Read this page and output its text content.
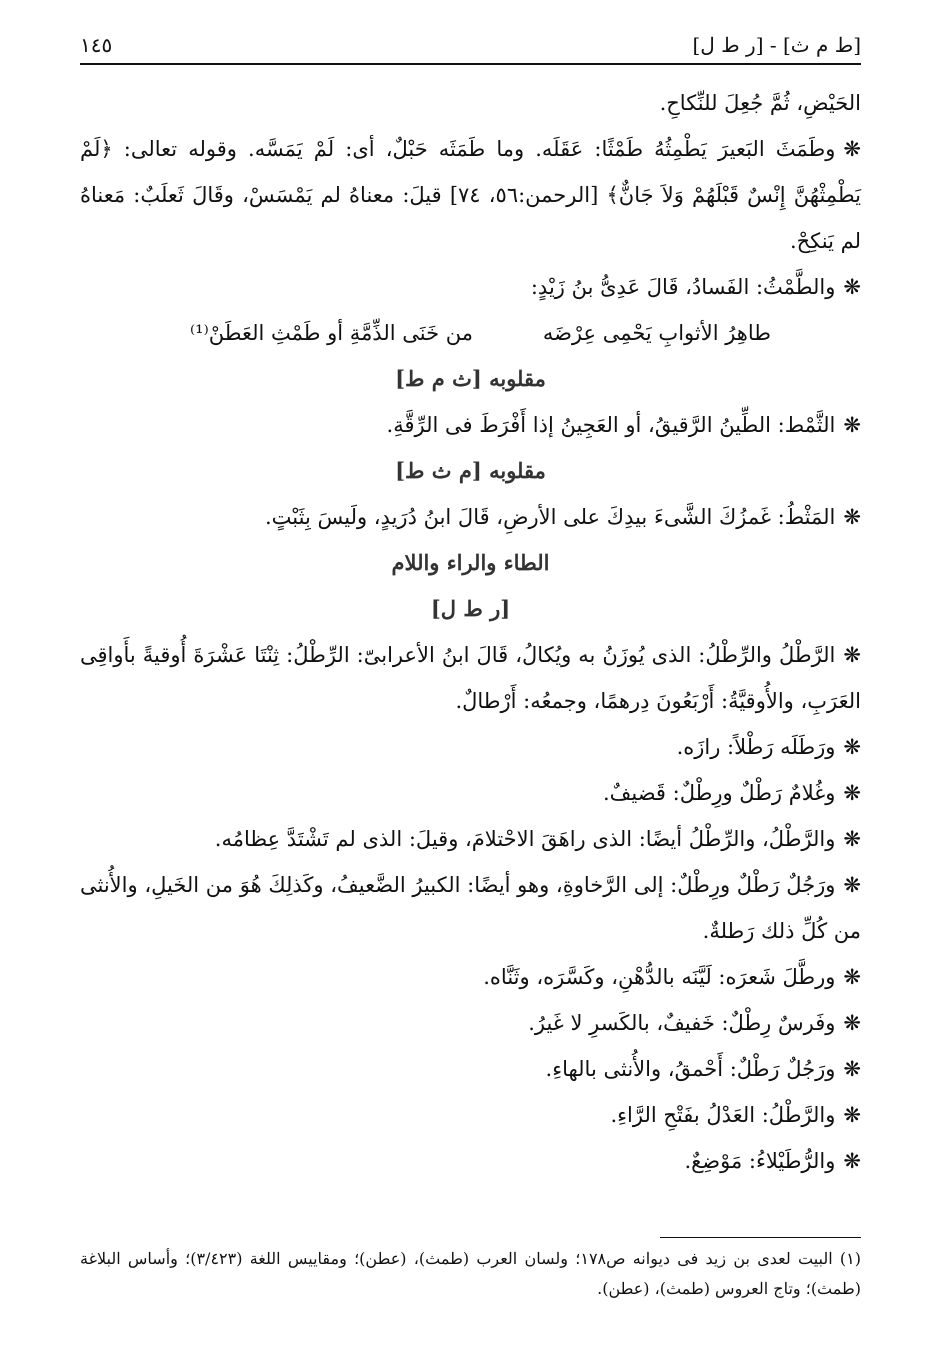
[ط م ث] - [ر ط ل]
١٤٥

الحَيْضِ، ثُمَّ جُعِلَ للنِّكاحِ.

❋وطَمَثَ البَعيرَ يَطْمِثُهُ طَمْثًا: عَقَلَه. وما طَمَثَه حَبْلٌ، أى: لَمْ يَمَسَّه. وقوله تعالى: ﴿لَمْ يَطْمِثْهُنَّ إِنْسٌ قَبْلَهُمْ وَلاَ جَانٌّ﴾ [الرحمن:٥٦، ٧٤] قيلَ: معناهُ لم يَمْسَسْ، وقَالَ ثَعلَبٌ: مَعناهُ لم يَنكِحْ.

❋والطَّمْثُ: الفَسادُ، قَالَ عَدِىُّ بنُ زَيْدٍ:

طاهِرُ الأثوابِ يَحْمِى عِرْضَه
من خَنَى الذِّمَّةِ أو طَمْثِ العَطَنْ⁽¹⁾

مقلوبه [ث م ط]

❋الثَّمْط: الطِّينُ الرَّقيقُ، أو العَجِينُ إذا أَفْرَطَ فى الرِّقَّةِ.

مقلوبه [م ث ط]

❋المَثْطُ: غَمزُكَ الشَّىءَ بيدِكَ على الأرضِ، قَالَ ابنُ دُرَيدٍ، ولَيسَ بِثَبْتٍ.

الطاء والراء واللام

[ر ط ل]

❋الرَّطْلُ والرِّطْلُ: الذى يُوزَنُ به ويُكالُ، قَالَ ابنُ الأعرابىّ: الرِّطْلُ: ثِنْتَا عَشْرَةَ أُوقيةً بأَواقِى العَرَبِ، والأُوقيَّةُ: أَرْبَعُونَ دِرهمًا، وجمعُه: أَرْطالٌ.

❋ورَطَلَه رَطْلاً: رازَه.

❋وغُلامٌ رَطْلٌ ورِطْلٌ: قَضيفٌ.

❋والرَّطْلُ، والرِّطْلُ أيضًا: الذى راهَقَ الاحْتلامَ، وقيلَ: الذى لم تَشْتَدَّ عِظامُه.

❋ورَجُلٌ رَطْلٌ ورِطْلٌ: إلى الرَّخاوةِ، وهو أيضًا: الكبيرُ الضَّعيفُ، وكَذلِكَ هُوَ من الخَيلِ، والأُنثى من كُلِّ ذلك رَطلةٌ.

❋ورطَّلَ شَعرَه: لَيَّنَه بالدُّهْنِ، وكَسَّرَه، وثَنَّاه.

❋وفَرسٌ رِطْلٌ: خَفيفٌ، بالكَسرِ لا غَيرُ.

❋ورَجُلٌ رَطْلٌ: أَحْمقُ، والأُنثى بالهاءِ.

❋والرَّطْلُ: العَدْلُ بفَتْحِ الرَّاءِ.

❋والرُّطَيْلاءُ: مَوْضِعٌ.

(١) البيت لعدى بن زيد فى ديوانه ص١٧٨؛ ولسان العرب (طمث)، (عطن)؛ ومقاييس اللغة (٣/٤٢٣)؛ وأساس البلاغة (طمث)؛ وتاج العروس (طمث)، (عطن).
